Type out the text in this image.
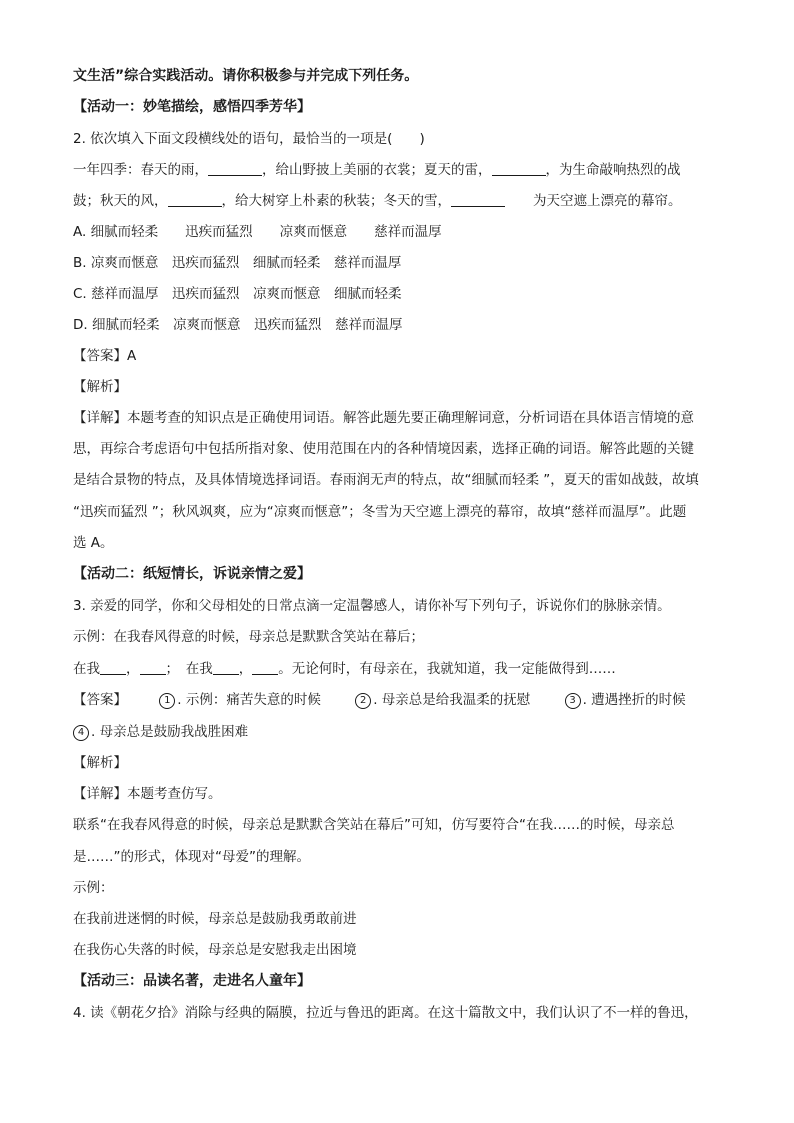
文生活”综合实践活动。请你积极参与并完成下列任务。
【活动一：妙笔描绘，感悟四季芳华】
2. 依次填入下面文段横线处的语句，最恰当的一项是(　　)
一年四季：春天的雨，	，给山野披上美丽的衣裳；夏天的雷，	，为生命敲响热烈的战
鼓；秋天的风，	，给大树穿上朴素的秋装；冬天的雪，	为天空遮上漂亮的幕帘。
A. 细腻而轻柔　　迅疾而猛烈　　凉爽而惬意　　慈祥而温厚
B. 凉爽而惬意　迅疾而猛烈　细腻而轻柔　慈祥而温厚
C. 慈祥而温厚　迅疾而猛烈　凉爽而惬意　细腻而轻柔
D. 细腻而轻柔　凉爽而惬意　迅疾而猛烈　慈祥而温厚
【答案】A
【解析】
【详解】本题考查的知识点是正确使用词语。解答此题先要正确理解词意，分析词语在具体语言情境的意
思，再综合考虑语句中包括所指对象、使用范围在内的各种情境因素，选择正确的词语。解答此题的关键
是结合景物的特点，及具体情境选择词语。春雨润无声的特点，故“细腻而轻柔 ”，夏天的雷如战鼓，故填
“迅疾而猛烈 ”；秋风飒爽，应为“凉爽而惬意”；冬雪为天空遮上漂亮的幕帘，故填“慈祥而温厚”。此题
选 A。
【活动二：纸短情长，诉说亲情之爱】
3. 亲爱的同学，你和父母相处的日常点滴一定温馨感人，请你补写下列句子，诉说你们的脉脉亲情。
示例：在我春风得意的时候，母亲总是默默含笑站在幕后；
在我 ， ；　在我 ， 。无论何时，有母亲在，我就知道，我一定能做得到……
【答案】	1 . 示例：痛苦失意的时候	2 . 母亲总是给我温柔的抚慰	3 . 遭遇挫折的时候
4 . 母亲总是鼓励我战胜困难
【解析】
【详解】本题考查仿写。
联系“在我春风得意的时候，母亲总是默默含笑站在幕后”可知，仿写要符合“在我……的时候，母亲总
是……”的形式，体现对“母爱”的理解。
示例：
在我前进迷惘的时候，母亲总是鼓励我勇敢前进
在我伤心失落的时候，母亲总是安慰我走出困境
【活动三：品读名著，走进名人童年】
4. 读《朝花夕拾》消除与经典的隔膜，拉近与鲁迅的距离。在这十篇散文中，我们认识了不一样的鲁迅，
